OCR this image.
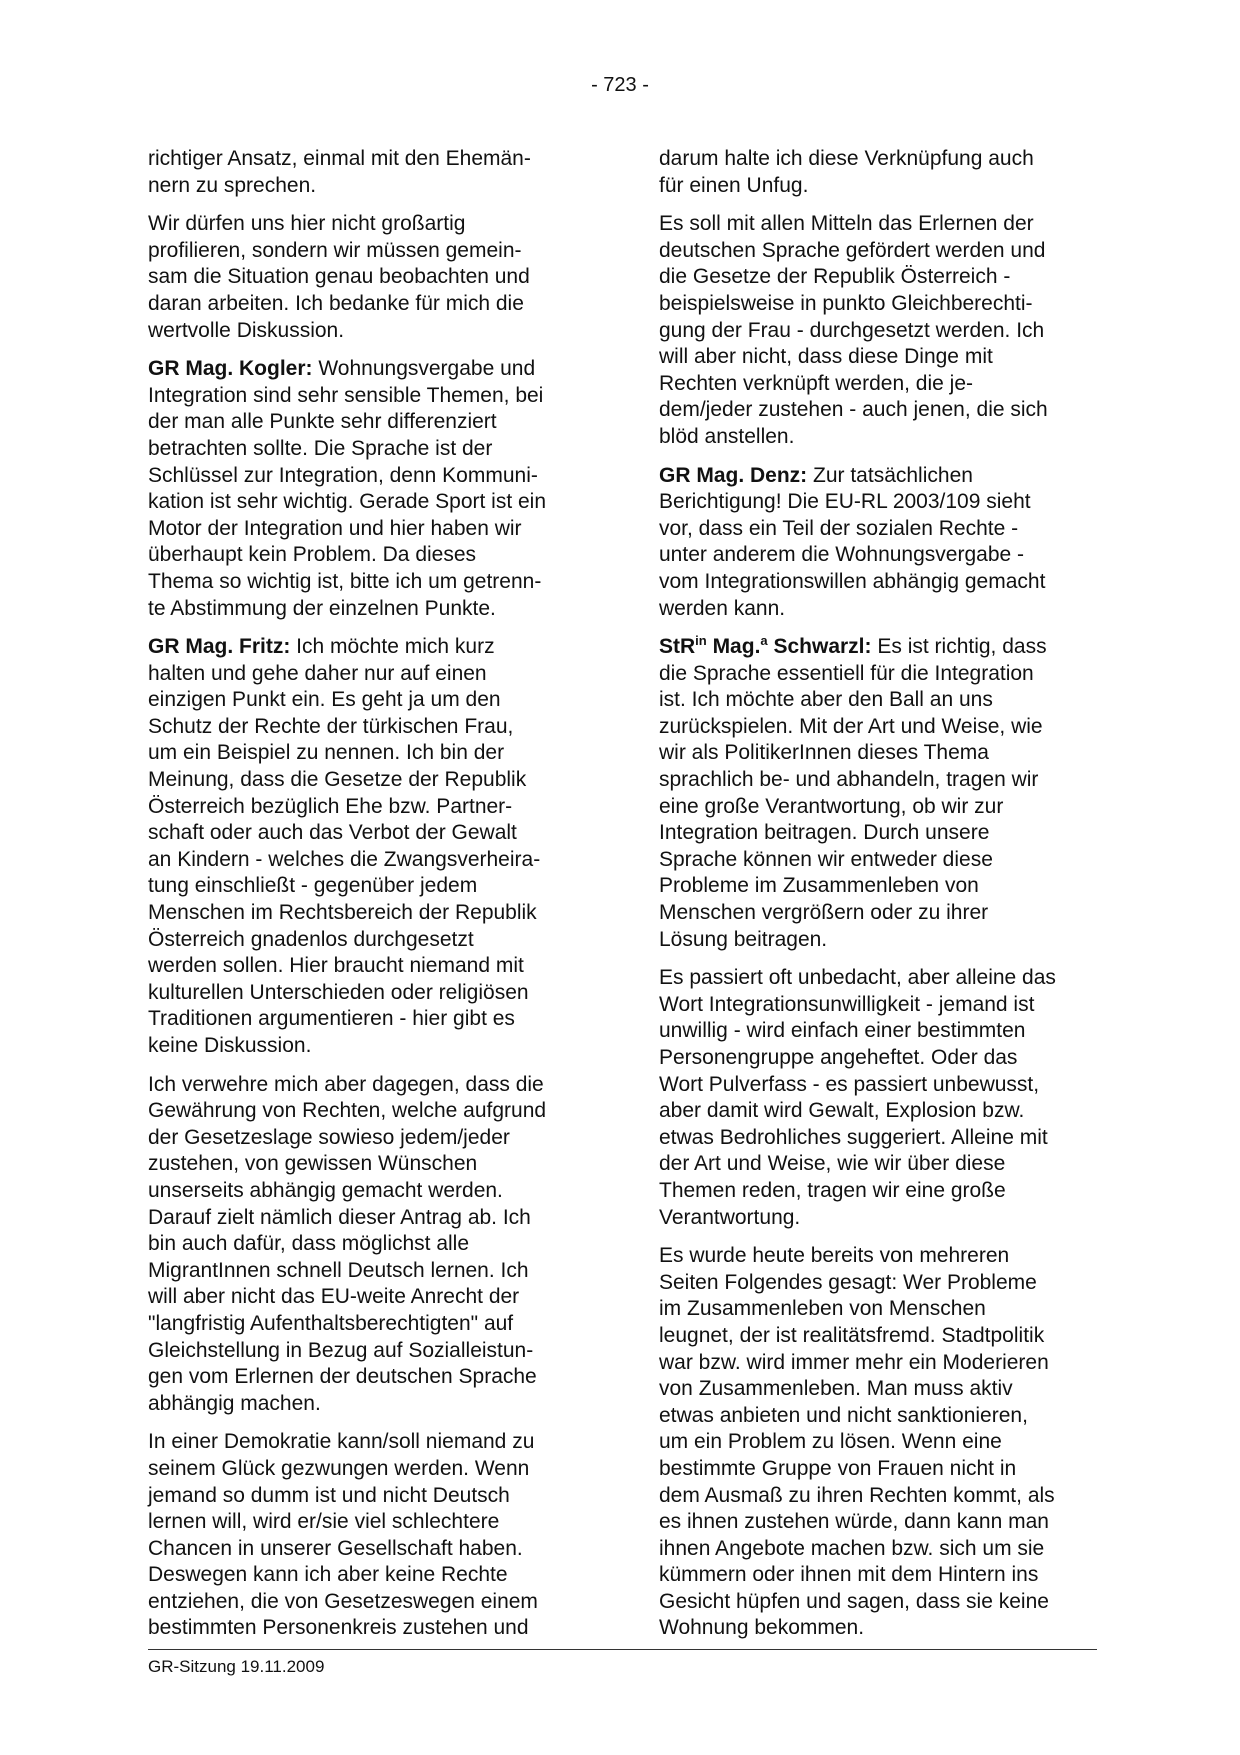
- 723 -

richtiger Ansatz, einmal mit den Ehemän-
nern zu sprechen.

Wir dürfen uns hier nicht großartig
profilieren, sondern wir müssen gemein-
sam die Situation genau beobachten und
daran arbeiten. Ich bedanke für mich die
wertvolle Diskussion.

GR Mag. Kogler: Wohnungsvergabe und
Integration sind sehr sensible Themen, bei
der man alle Punkte sehr differenziert
betrachten sollte. Die Sprache ist der
Schlüssel zur Integration, denn Kommuni-
kation ist sehr wichtig. Gerade Sport ist ein
Motor der Integration und hier haben wir
überhaupt kein Problem. Da dieses
Thema so wichtig ist, bitte ich um getrenn-
te Abstimmung der einzelnen Punkte.

GR Mag. Fritz: Ich möchte mich kurz
halten und gehe daher nur auf einen
einzigen Punkt ein. Es geht ja um den
Schutz der Rechte der türkischen Frau,
um ein Beispiel zu nennen. Ich bin der
Meinung, dass die Gesetze der Republik
Österreich bezüglich Ehe bzw. Partner-
schaft oder auch das Verbot der Gewalt
an Kindern - welches die Zwangsverheira-
tung einschließt - gegenüber jedem
Menschen im Rechtsbereich der Republik
Österreich gnadenlos durchgesetzt
werden sollen. Hier braucht niemand mit
kulturellen Unterschieden oder religiösen
Traditionen argumentieren - hier gibt es
keine Diskussion.

Ich verwehre mich aber dagegen, dass die
Gewährung von Rechten, welche aufgrund
der Gesetzeslage sowieso jedem/jeder
zustehen, von gewissen Wünschen
unserseits abhängig gemacht werden.
Darauf zielt nämlich dieser Antrag ab. Ich
bin auch dafür, dass möglichst alle
MigrantInnen schnell Deutsch lernen. Ich
will aber nicht das EU-weite Anrecht der
"langfristig Aufenthaltsberechtigten" auf
Gleichstellung in Bezug auf Sozialleistun-
gen vom Erlernen der deutschen Sprache
abhängig machen.

In einer Demokratie kann/soll niemand zu
seinem Glück gezwungen werden. Wenn
jemand so dumm ist und nicht Deutsch
lernen will, wird er/sie viel schlechtere
Chancen in unserer Gesellschaft haben.
Deswegen kann ich aber keine Rechte
entziehen, die von Gesetzeswegen einem
bestimmten Personenkreis zustehen und

darum halte ich diese Verknüpfung auch
für einen Unfug.

Es soll mit allen Mitteln das Erlernen der
deutschen Sprache gefördert werden und
die Gesetze der Republik Österreich -
beispielsweise in punkto Gleichberechti-
gung der Frau - durchgesetzt werden. Ich
will aber nicht, dass diese Dinge mit
Rechten verknüpft werden, die je-
dem/jeder zustehen - auch jenen, die sich
blöd anstellen.

GR Mag. Denz: Zur tatsächlichen
Berichtigung! Die EU-RL 2003/109 sieht
vor, dass ein Teil der sozialen Rechte -
unter anderem die Wohnungsvergabe -
vom Integrationswillen abhängig gemacht
werden kann.

StR$^{in}$ Mag.$^a$ Schwarzl: Es ist richtig, dass
die Sprache essentiell für die Integration
ist. Ich möchte aber den Ball an uns
zurückspielen. Mit der Art und Weise, wie
wir als PolitikerInnen dieses Thema
sprachlich be- und abhandeln, tragen wir
eine große Verantwortung, ob wir zur
Integration beitragen. Durch unsere
Sprache können wir entweder diese
Probleme im Zusammenleben von
Menschen vergrößern oder zu ihrer
Lösung beitragen.

Es passiert oft unbedacht, aber alleine das
Wort Integrationsunwilligkeit - jemand ist
unwillig - wird einfach einer bestimmten
Personengruppe angeheftet. Oder das
Wort Pulverfass - es passiert unbewusst,
aber damit wird Gewalt, Explosion bzw.
etwas Bedrohliches suggeriert. Alleine mit
der Art und Weise, wie wir über diese
Themen reden, tragen wir eine große
Verantwortung.

Es wurde heute bereits von mehreren
Seiten Folgendes gesagt: Wer Probleme
im Zusammenleben von Menschen
leugnet, der ist realitätsfremd. Stadtpolitik
war bzw. wird immer mehr ein Moderieren
von Zusammenleben. Man muss aktiv
etwas anbieten und nicht sanktionieren,
um ein Problem zu lösen. Wenn eine
bestimmte Gruppe von Frauen nicht in
dem Ausmaß zu ihren Rechten kommt, als
es ihnen zustehen würde, dann kann man
ihnen Angebote machen bzw. sich um sie
kümmern oder ihnen mit dem Hintern ins
Gesicht hüpfen und sagen, dass sie keine
Wohnung bekommen.

GR-Sitzung 19.11.2009
